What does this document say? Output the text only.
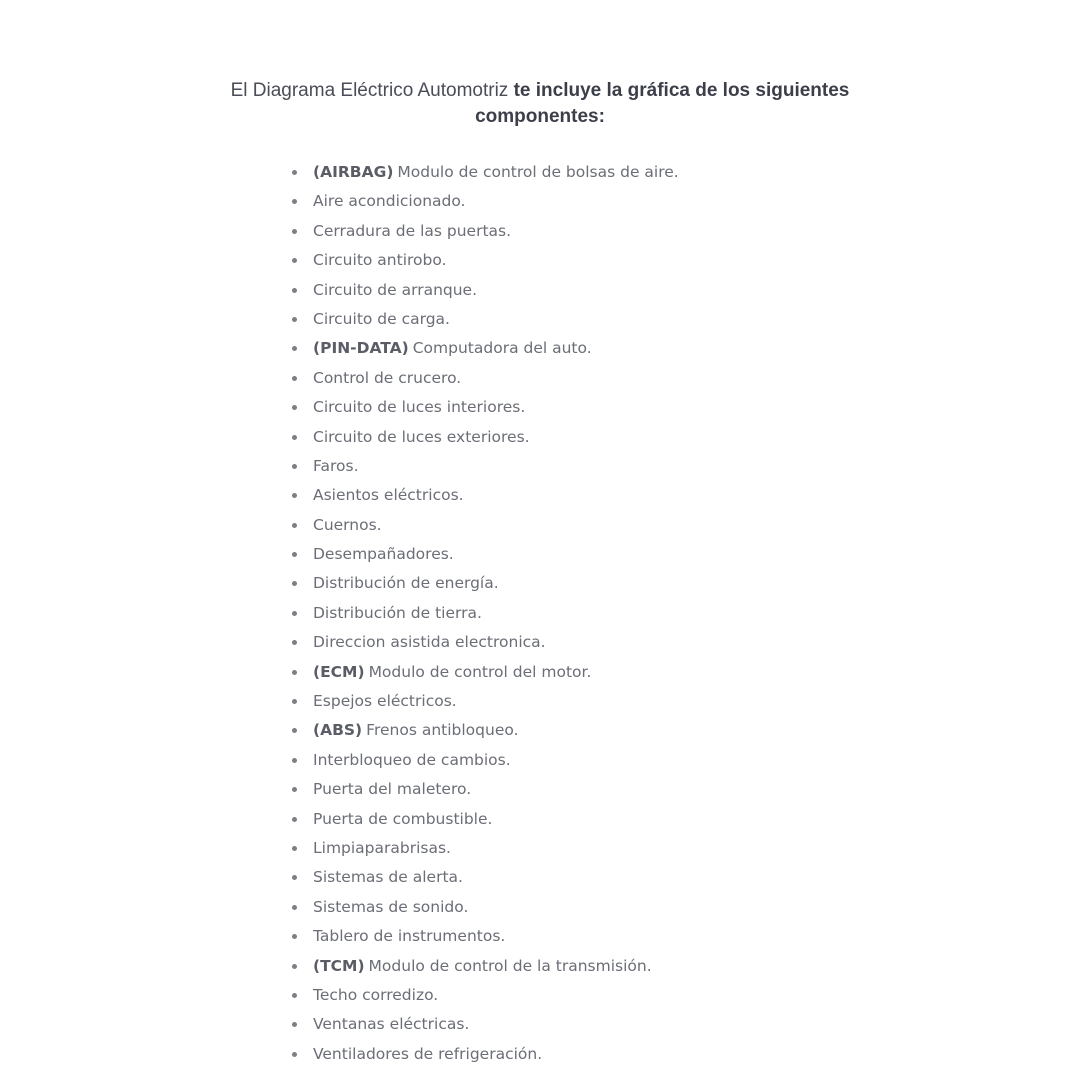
El Diagrama Eléctrico Automotriz te incluye la gráfica de los siguientes componentes:
(AIRBAG) Modulo de control de bolsas de aire.
Aire acondicionado.
Cerradura de las puertas.
Circuito antirobo.
Circuito de arranque.
Circuito de carga.
(PIN-DATA) Computadora del auto.
Control de crucero.
Circuito de luces interiores.
Circuito de luces exteriores.
Faros.
Asientos eléctricos.
Cuernos.
Desempañadores.
Distribución de energía.
Distribución de tierra.
Direccion asistida electronica.
(ECM) Modulo de control del motor.
Espejos eléctricos.
(ABS) Frenos antibloqueo.
Interbloqueo de cambios.
Puerta del maletero.
Puerta de combustible.
Limpiaparabrisas.
Sistemas de alerta.
Sistemas de sonido.
Tablero de instrumentos.
(TCM) Modulo de control de la transmisión.
Techo corredizo.
Ventanas eléctricas.
Ventiladores de refrigeración.
